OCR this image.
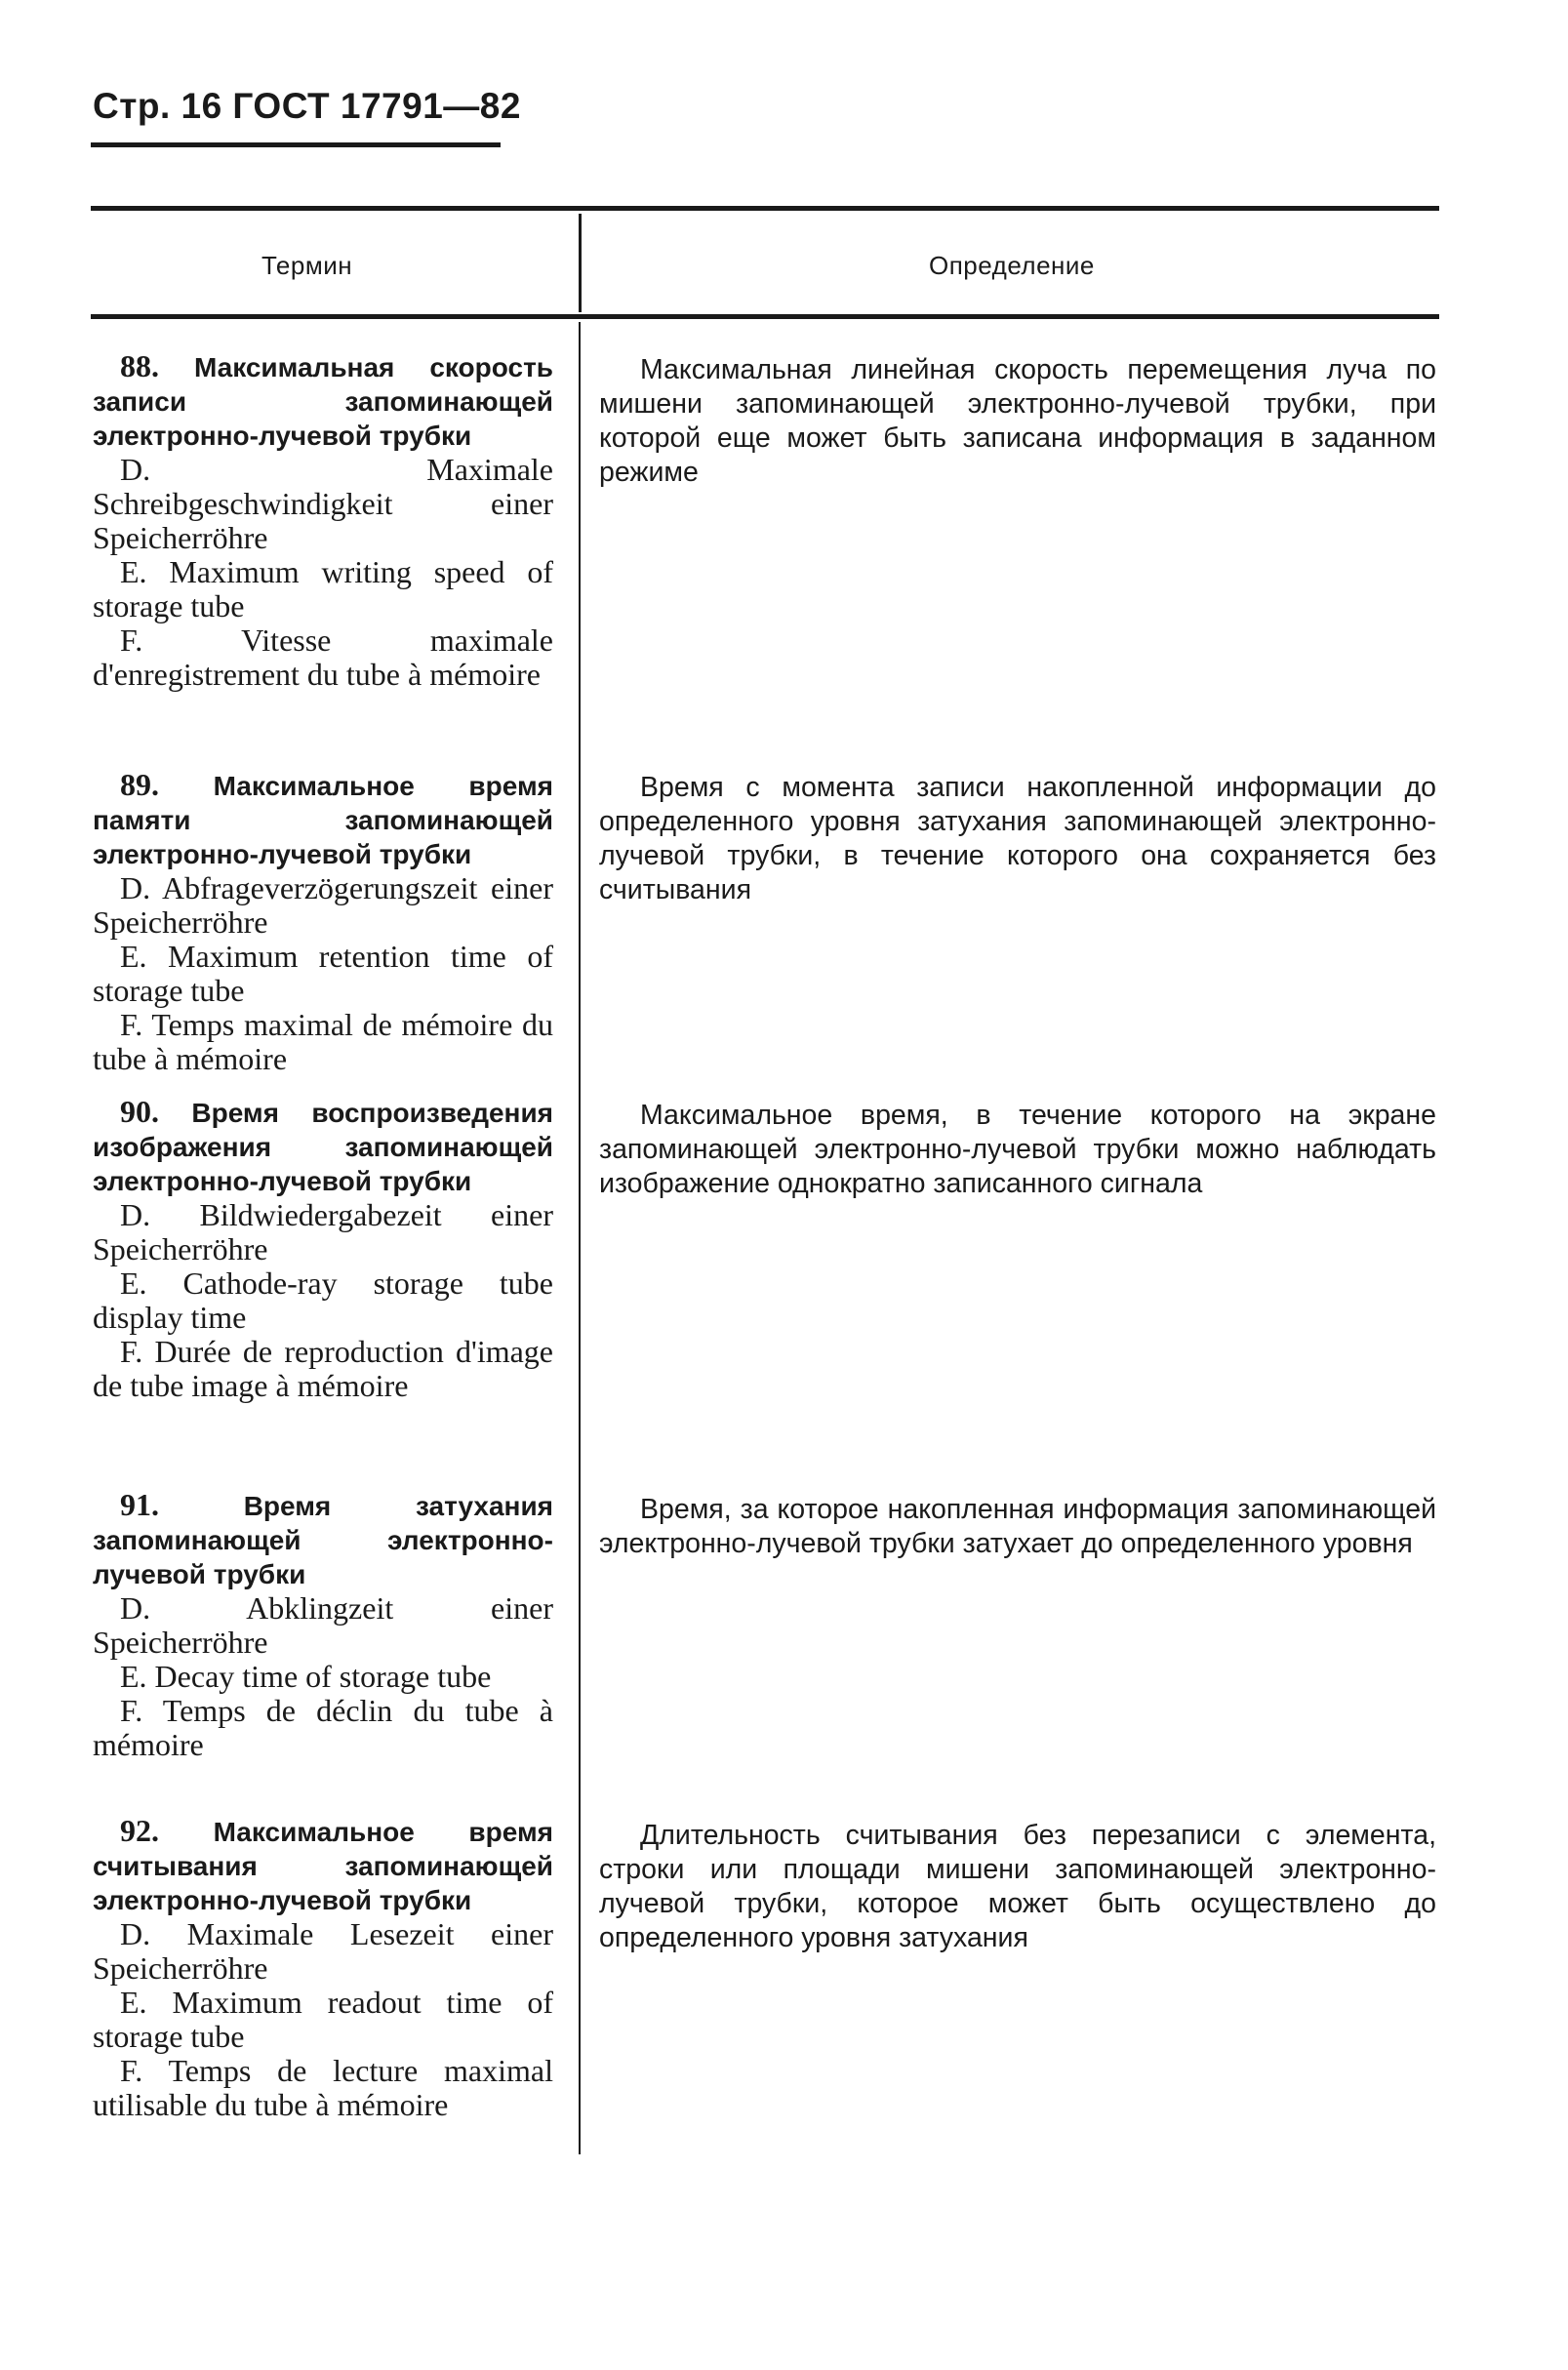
Стр. 16 ГОСТ 17791—82
Термин	Определение
88. Максимальная скорость записи запоминающей электронно-лучевой трубки

D. Maximale Schreibgeschwindigkeit einer Speicherröhre

E. Maximum writing speed of storage tube

F. Vitesse maximale d'enregistrement du tube à mémoire

Максимальная линейная скорость перемещения луча по мишени запоминающей электронно-лучевой трубки, при которой еще может быть записана информация в заданном режиме

89. Максимальное время памяти запоминающей электронно-лучевой трубки

D. Abfrageverzögerungszeit einer Speicherröhre

E. Maximum retention time of storage tube

F. Temps maximal de mémoire du tube à mémoire

Время с момента записи накопленной информации до определенного уровня затухания запоминающей электронно-лучевой трубки, в течение которого она сохраняется без считывания

90. Время воспроизведения изображения запоминающей электронно-лучевой трубки

D. Bildwiedergabezeit einer Speicherröhre

E. Cathode-ray storage tube display time

F. Durée de reproduction d'image de tube image à mémoire

Максимальное время, в течение которого на экране запоминающей электронно-лучевой трубки можно наблюдать изображение однократно записанного сигнала

91.	Время затухания запоминающей электронно-лучевой трубки

D. Abklingzeit einer Speicherröhre

E. Decay time of storage tube

F. Temps de déclin du tube à mémoire

Время, за которое накопленная информация запоминающей электронно-лучевой трубки затухает до определенного уровня

92. Максимальное время считывания запоминающей электронно-лучевой трубки

D. Maximale Lesezeit einer Speicherröhre

E. Maximum readout time of storage tube

F. Temps de lecture maximal utilisable du tube à mémoire

Длительность считывания без перезаписи с элемента, строки или площади мишени запоминающей электронно-лучевой трубки, которое может быть осуществлено до определенного уровня затухания
